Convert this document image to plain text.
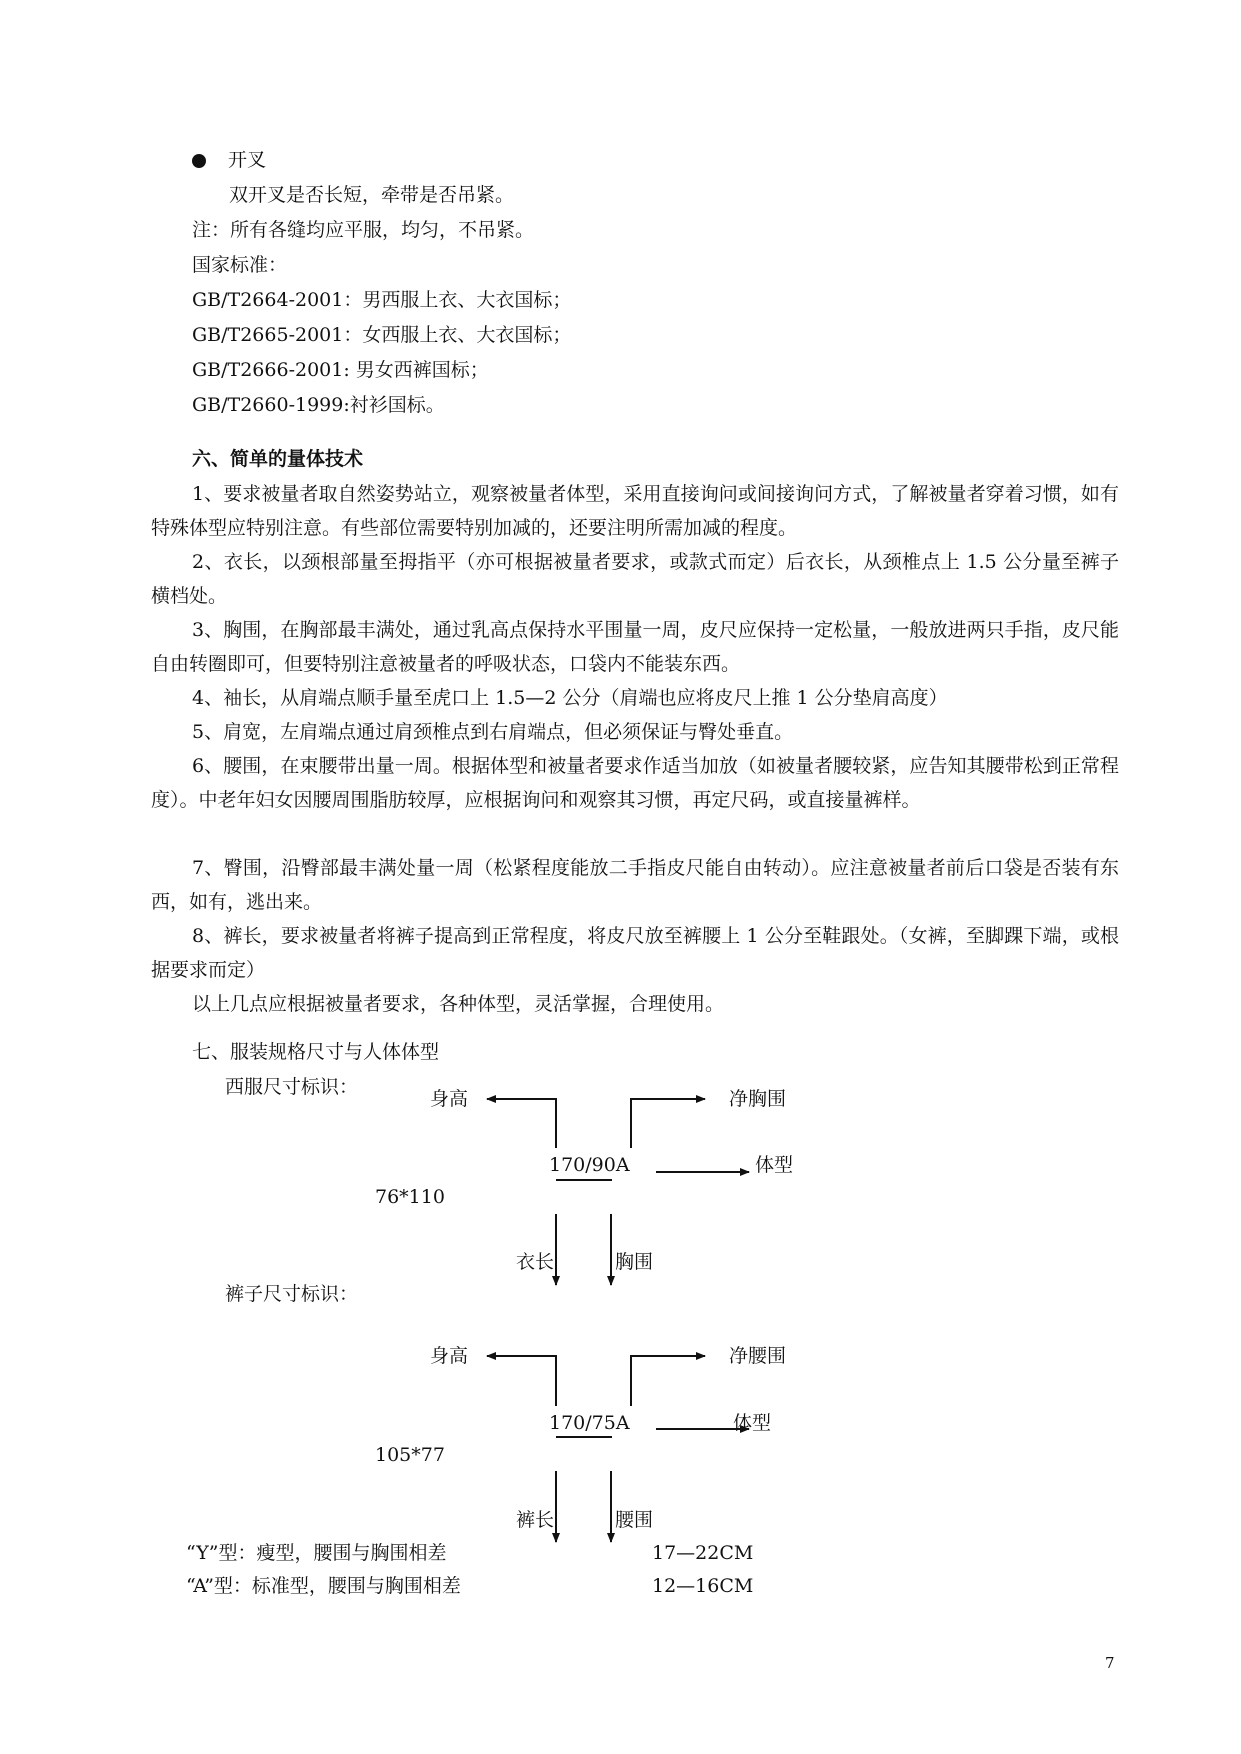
开叉
双开叉是否长短，牵带是否吊紧。
注：所有各缝均应平服，均匀，不吊紧。
国家标准：
GB/T2664-2001：男西服上衣、大衣国标；
GB/T2665-2001：女西服上衣、大衣国标；
GB/T2666-2001: 男女西裤国标；
GB/T2660-1999:衬衫国标。
六、简单的量体技术
1、要求被量者取自然姿势站立，观察被量者体型，采用直接询问或间接询问方式，了解被量者穿着习惯，如有特殊体型应特别注意。有些部位需要特别加减的，还要注明所需加减的程度。
2、衣长，以颈根部量至拇指平（亦可根据被量者要求，或款式而定）后衣长，从颈椎点上 1.5 公分量至裤子横档处。
3、胸围，在胸部最丰满处，通过乳高点保持水平围量一周，皮尺应保持一定松量，一般放进两只手指，皮尺能自由转圈即可，但要特别注意被量者的呼吸状态，口袋内不能装东西。
4、袖长，从肩端点顺手量至虎口上 1.5—2 公分（肩端也应将皮尺上推 1 公分垫肩高度）
5、肩宽，左肩端点通过肩颈椎点到右肩端点，但必须保证与臀处垂直。
6、腰围，在束腰带出量一周。根据体型和被量者要求作适当加放（如被量者腰较紧，应告知其腰带松到正常程度）。中老年妇女因腰周围脂肪较厚，应根据询问和观察其习惯，再定尺码，或直接量裤样。
7、臀围，沿臀部最丰满处量一周（松紧程度能放二手指皮尺能自由转动）。应注意被量者前后口袋是否装有东西，如有，逃出来。
8、裤长，要求被量者将裤子提高到正常程度，将皮尺放至裤腰上 1 公分至鞋跟处。（女裤，至脚踝下端，或根据要求而定）
以上几点应根据被量者要求，各种体型，灵活掌握，合理使用。
七、服装规格尺寸与人体体型
西服尺寸标识：
身高	净胸围
170/90A	体型
76*110
衣长	胸围
裤子尺寸标识：
身高	净腰围
170/75A	体型
105*77
裤长	腰围
“Y”型：瘦型，腰围与胸围相差	17—22CM
“A”型：标准型，腰围与胸围相差	12—16CM
7
